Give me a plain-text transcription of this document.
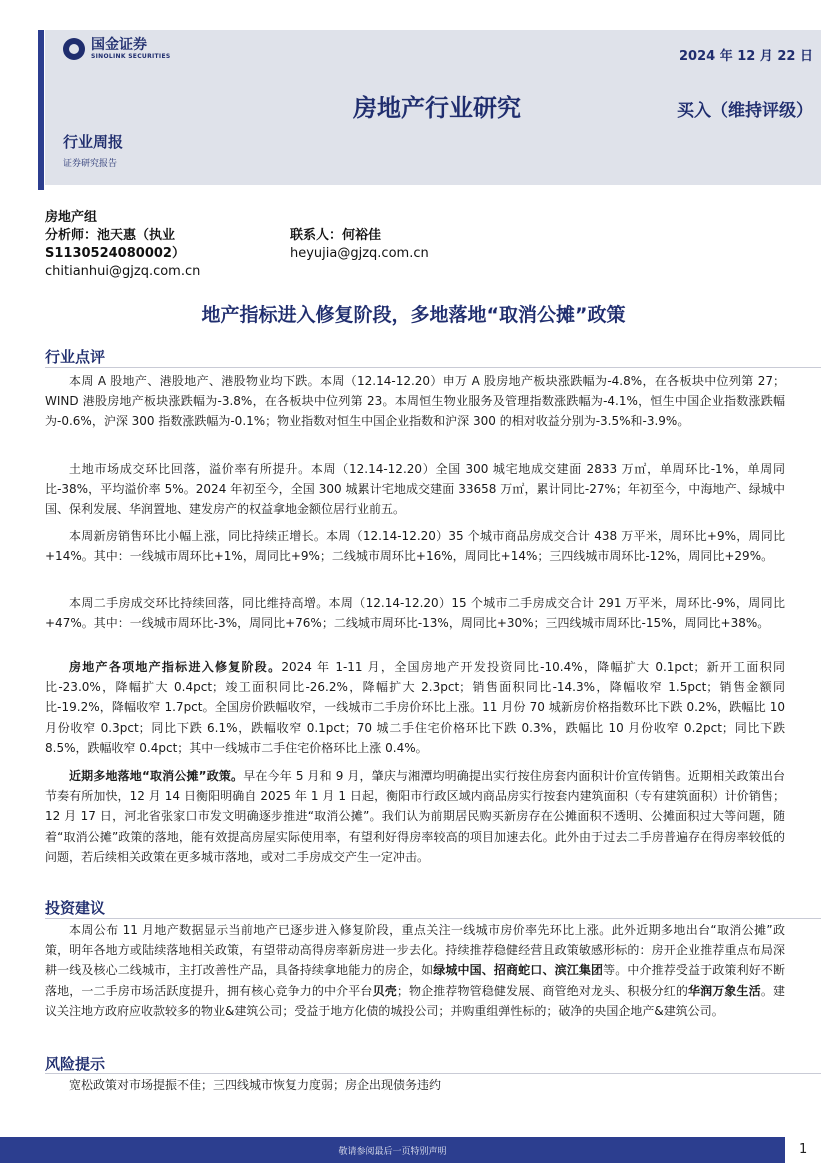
国金证券
SINOLINK SECURITIES	2024 年 12 月 22 日
房地产行业研究	买入（维持评级）
行业周报
证券研究报告
房地产组
分析师：池天惠（执业
S1130524080002）
chitianhui@gjzq.com.cn
联系人：何裕佳
heyujia@gjzq.com.cn
地产指标进入修复阶段，多地落地“取消公摊”政策
行业点评
本周 A 股地产、港股地产、港股物业均下跌。本周（12.14-12.20）申万 A 股房地产板块涨跌幅为-4.8%，在各板块中位列第 27；WIND 港股房地产板块涨跌幅为-3.8%，在各板块中位列第 23。本周恒生物业服务及管理指数涨跌幅为-4.1%，恒生中国企业指数涨跌幅为-0.6%，沪深 300 指数涨跌幅为-0.1%；物业指数对恒生中国企业指数和沪深 300 的相对收益分别为-3.5%和-3.9%。
土地市场成交环比回落，溢价率有所提升。本周（12.14-12.20）全国 300 城宅地成交建面 2833 万㎡，单周环比-1%，单周同比-38%，平均溢价率 5%。2024 年初至今，全国 300 城累计宅地成交建面 33658 万㎡，累计同比-27%；年初至今，中海地产、绿城中国、保利发展、华润置地、建发房产的权益拿地金额位居行业前五。
本周新房销售环比小幅上涨，同比持续正增长。本周（12.14-12.20）35 个城市商品房成交合计 438 万平米，周环比+9%，周同比+14%。其中：一线城市周环比+1%，周同比+9%；二线城市周环比+16%，周同比+14%；三四线城市周环比-12%，周同比+29%。
本周二手房成交环比持续回落，同比维持高增。本周（12.14-12.20）15 个城市二手房成交合计 291 万平米，周环比-9%，周同比+47%。其中：一线城市周环比-3%，周同比+76%；二线城市周环比-13%，周同比+30%；三四线城市周环比-15%，周同比+38%。
房地产各项地产指标进入修复阶段。2024 年 1-11 月，全国房地产开发投资同比-10.4%，降幅扩大 0.1pct；新开工面积同比-23.0%，降幅扩大 0.4pct；竣工面积同比-26.2%，降幅扩大 2.3pct；销售面积同比-14.3%，降幅收窄 1.5pct；销售金额同比-19.2%，降幅收窄 1.7pct。全国房价跌幅收窄，一线城市二手房价环比上涨。11 月份 70 城新房价格指数环比下跌 0.2%，跌幅比 10 月份收窄 0.3pct；同比下跌 6.1%，跌幅收窄 0.1pct；70 城二手住宅价格环比下跌 0.3%，跌幅比 10 月份收窄 0.2pct；同比下跌 8.5%，跌幅收窄 0.4pct；其中一线城市二手住宅价格环比上涨 0.4%。
近期多地落地“取消公摊”政策。早在今年 5 月和 9 月，肇庆与湘潭均明确提出实行按住房套内面积计价宣传销售。近期相关政策出台节奏有所加快，12 月 14 日衡阳明确自 2025 年 1 月 1 日起，衡阳市行政区域内商品房实行按套内建筑面积（专有建筑面积）计价销售；12 月 17 日，河北省张家口市发文明确逐步推进“取消公摊”。我们认为前期居民购买新房存在公摊面积不透明、公摊面积过大等问题，随着“取消公摊”政策的落地，能有效提高房屋实际使用率，有望利好得房率较高的项目加速去化。此外由于过去二手房普遍存在得房率较低的问题，若后续相关政策在更多城市落地，或对二手房成交产生一定冲击。
投资建议
本周公布 11 月地产数据显示当前地产已逐步进入修复阶段，重点关注一线城市房价率先环比上涨。此外近期多地出台“取消公摊”政策，明年各地方或陆续落地相关政策，有望带动高得房率新房进一步去化。持续推荐稳健经营且政策敏感形标的：房开企业推荐重点布局深耕一线及核心二线城市，主打改善性产品，具备持续拿地能力的房企，如绿城中国、招商蛇口、滨江集团等。中介推荐受益于政策利好不断落地，一二手房市场活跃度提升，拥有核心竞争力的中介平台贝壳；物企推荐物管稳健发展、商管绝对龙头、积极分红的华润万象生活。建议关注地方政府应收款较多的物业&建筑公司；受益于地方化债的城投公司；并购重组弹性标的；破净的央国企地产&建筑公司。
风险提示
宽松政策对市场提振不佳；三四线城市恢复力度弱；房企出现债务违约
敬请参阅最后一页特别声明	1
